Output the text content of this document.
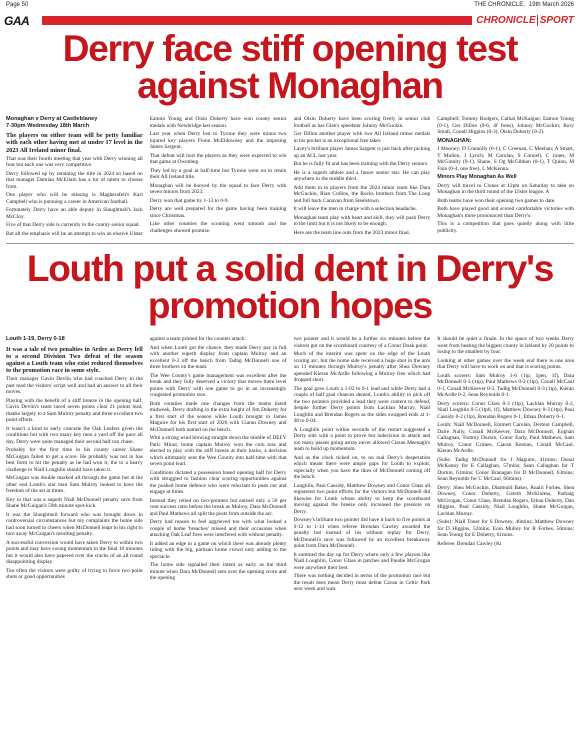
Page 50	THE CHRONICLE, 19th March 2026
GAA	CHRONICLE SPORT
Derry face stiff opening test against Monaghan
Monaghan v Derry at Castleblaney
7-30pm Wednesday 18th March

The players on either team will be petty familiar with each other having met at under 17 level in the 2023 All Ireland minor final.

That was their fourth meeting that year with Derry winning all four but each one was very competitive.

Derry followed up by retaining the title in 2024 so based on that manager Damian McErlain has a lot of talent to choose from.

One player who will be missing is Magherafelt's Karl Campbell who is pursuing a career in American football.

Fortunately Derry have an able deputy in Slaughtneil's Jack McCloy.

Five of that Derry side is currently in the county senior squad.

But all the emphasis will be an attempt to win an elusive Ulster

Eamon Young and Oisin Doherty have won county senior medals with Newbridge last season.

Last year when Derry lost to Tyrone they were minus two injured key players Fionn McEldowney and the imposing James Sargent.

That defeat will hurt the players as they were expected to win that game at Owenbeg.

They led by a goal at half-time but Tyrone went on to retain their All Ireland title.

Monaghan will be buoyed by the squad to face Derry with seven minors from 2023.

Derry won that game by 1-13 to 0-9.

Derry are well prepared for the game having been training since Christmas.

Like other counties the scouting went smooth and the challenges showed promise.

and Oisin Doherty have been scoring freely in senior club football as has Glen's speedster Johnny McGuckin.

Ger Dillon another player with two All Ireland minor medals in his pocket is an exceptional free taker.

Lavey's brilliant player James Sargent is just back after picking up an ACL last year.

But he is fully fit and has been training with the Derry seniors.

He is a superb athlete and a future senior star. He can play anywhere in the middle third.

Add them in to players from the 2024 minor team like Dara McGuckin, Rian Collins, the Rocks brothers from The Loup and full back Canavan from Steelstown.

It will leave the men in charge with a selection headache.

Monaghan team play with heart and skill, they will push Derry to the limit but it is not likely to be enough.

Here are the team line outs from the 2023 minor final.

Campbell; Tommy Rodgers, Cathal McKaigue; Eamon Young (0-1), Ger Dillon (0-6, 4f frees), Johnny McGuckin; Rory Small, Conall Higgins (0-3), Oisin Doherty (0-2).

MONAGHAN:

J Mooney; D Connolly (0-1), C Greenan, C Meehan; A Smart, T Mullen, J Lynch; M Carolan, S Connell, C Jones, M McGinnity (0-1), Shane, S Og McGibbon (0-1), T Quinn, M Finn (0-4, one free), L McKenna.

Minors Play Monaghan As Well

Derry will travel to Clones at 12pm on Saturday to take on Monaghan in the third round of the Ulster league. A

Both teams have won their opening two games to date.

Both have played good and scored comfortable victories with Monaghan's more pronounced than Derry's.

This is a competition that goes quietly along with little publicity.

Louth put a solid dent in Derry's promotion hopes
Louth 1-19, Derry 0-18

It was a tale of two penalties in Ardee as Derry fell to a second Division Two defeat of the season against a Louth team who exist reduced themselves to the promotion race in some style.

Their manager Gavin Devlin who had coached Derry in the past read the visitors' script well and had an answer to all their moves.

Playing with the benefit of a stiff breeze in the opening half, Gavin Devlin's team raced seven points clear 21 points lead, thanks largely to a Sam Mulroy penalty and three excellent two point efforts.

It wasn't a kind to early concede the Oak Leafers given the conditions but with two many key men a yard off the pace all day, Derry were quite managed their second half run chase.

Probably for the first time in his county career Shane McGuigan failed to get a score. He probably was not in has best form to hit the penalty as he had won it, the to a heavy challenge to Niall Loughlin should have taken it.

McGuigan was double marked all through the game but at the other end Louth's star man Sam Mulroy looked to have the freedom of the set at times.

Key to that was a superb Niall McDonnell penalty save from Shane McGuigan's 59th minute spot-kick.

It was the Slaughtneil forward who was brought down in controversial circumstances but my complaints the home side had soon turned to cheers when McDonnell leapt to his right to turn away McGuigan's resulting penalty.

A successful conversion would have taken Derry to within two points and may have swung momentum in the final 10 minutes but it would also have papered over the cracks of an all round disappointing display.

Too often the visitors were guilty of trying to force two point shots or good opportunities

against a team primed for the counter attack.

And when Louth got the chance, they made Derry pay in full with another superb display from captain Mulroy and an excellent 0-3 off the bench from Tadhg McDonnell one of three brothers on the team.

The Wee County's game management was excellent after the break and they fully deserved a victory that moves them level points with Derry with one game to go in an increasingly congested promotion race.

Both counties made one changes from the teams listed midweek, Derry drafting in the extra height of Jim Doherty for a first start of the season while Louth brought in James Maguire for his first start of 2026 with Ciaran Downey and McDonnell both named on the bench.

With a strong wind blowing straight down the middle of DEFY Paric Minor, home captain Mulroy won the coin toss and elected to play with the stiff breeze at their backs, a decision which ultimately sent the Wee County into half-time with that seven point lead.

Conditions dictated a possession based opening half for Derry with struggled to fashion clear scoring opportunities against the pushed home defence who were reluctant to push out and engage at times.

Instead they relied on two-pointers but earned only a 50 per cent success ratio before the break as Mulroy, Dara McDonnell and Paul Mathews all split the posts from outside the arc.

Derry had reason to feel aggrieved too with what looked a couple of home 'breaches' missed and their occasions when attacking Oak Leaf fires were interfered with without penalty.

It added an edge to a game on which there was already plenty riding with the big, partisan home crowd only adding to the spectacle.

The home side signalled their intent as early as the third minute when Dara McDonnell sent over the opening score and the opening

two pointer and it would be a further six minutes before the visitors got on the scoreboard courtesy of a Conor Doak point.

Much of the interim was spent on the edge of the Louth scoring arc, but the home side received a huge shot in the arm on 11 minutes through Mulroy's penalty after Shea Downey upended Kieran McArdle following a Mulroy free which had dropped short.

The goal gave Louth a 1-02 to 0-1 lead and while Derry had a couple of half goal chances denied, Louth's ability to pick off the two pointers provided a lead they were content to defend, despite further Derry points from Lachlan Murray, Niall Loughlin and Brendan Rogers as the sides swapped ends at 1-08 to 0-04.

A Loughlin point within seconds of the restart suggested a Derry side with a point to prove but indecision in attack and too many passes going astray never allowed Ciaran Meenagh's team to build up momentum.

And as the clock ticked on, to no real Derry's desperation which meant there were ample gaps for Louth to exploit, especially when you have the likes of McDonnell coming off the bench.

Loughlin, Paul Cassidy, Matthew Downey and Conor Glass all registered two point efforts for the visitors but McDonnell did likewise for Louth whose ability to keep the scoreboard moving against the breeze only increased the pressure on Derry.

Downey's brilliant two pointer did have it back to five points at 0-12 to 1-14 when referee Brendan Cawley awarded the penalty but instead of his without replay for Derry, McDonnell's save was followed by an excellent breakaway point from Dara McDonnell.

It summed the day up for Derry where only a few players like Niall Loughlin, Conor Glass in patches and Paudie McGrogan were anywhere their best.

There was nothing decided in terms of the promotion race but the result does mean Derry must defeat Cavan in Celtic Park next week and wait.

It should be quiet a finale. In the space of two weeks Derry went from beating the biggest county in Ireland by 20 points to losing to the smallest by four.

Looking at other games over the week end there is one area that Derry will have to work on and that is scoring points.

Louth scorers: Sam Mulroy 1-6 (1tp, 1pen, 1f), Dara McDonnell 0-3 (1tp), Paul Mathews 0-2 (1tp), Conall McCaul 0-1, Conall McKeever 0-3, Tadhg McDonnell 0-3 (1tp), Kieran McArdle 0-2, Sean Reynolds 0-1.

Derry scorers: Conor Glass 0-3 (1tp), Lachlan Murray 0-2, Niall Loughlin 0-5 (1tp6, 1f), Matthew Downey 0-3 (1tp), Paul Cassidy 0-2 (1tp), Brendan Rogers 0-1, Ethan Doherty 0-1.

Louth: Niall McDonnell, Emmett Carolan, Dermot Campbell, Daire Nally, Conall McKeever, Dara McDonnell, Eoghan Callaghan, Tommy Durnin, Conor Early, Paul Mathews, Sam Mulroy, Conor Grimes, Ciaran Keenan, Conall McCaul, Kieran McArdle.

(Subs: Tadhg McDonnell for J Maguire, 41mins; Donal McKenny for E Callaghan, 57mins; Sean Callaghan for T Durnin, 61mins; Conor Branagan for D McDonnell, 63mins; Sean Reynolds for C McCaul, 66mins).

Derry: Shea McGuckin, Diarmuid Baker, Ruairi Forbes, Shea Downey, Conor Doherty, Gareth McKinless, Padraig McGrogan, Conor Glass, Brendan Rogers, Ethan Doherty, Dan Higgins, Paul Cassidy, Niall Loughlin, Shane McGuigan, Lachlan Murray.

(Subs): Niall Toner for S Downey, 46mins; Matthew Downey for D Higgins, 52mins; Eoin Mulloy for R Forbes, 56mins; Sean Young for E Doherty, 61mins.

Referee: Brendan Cawley (Ki
